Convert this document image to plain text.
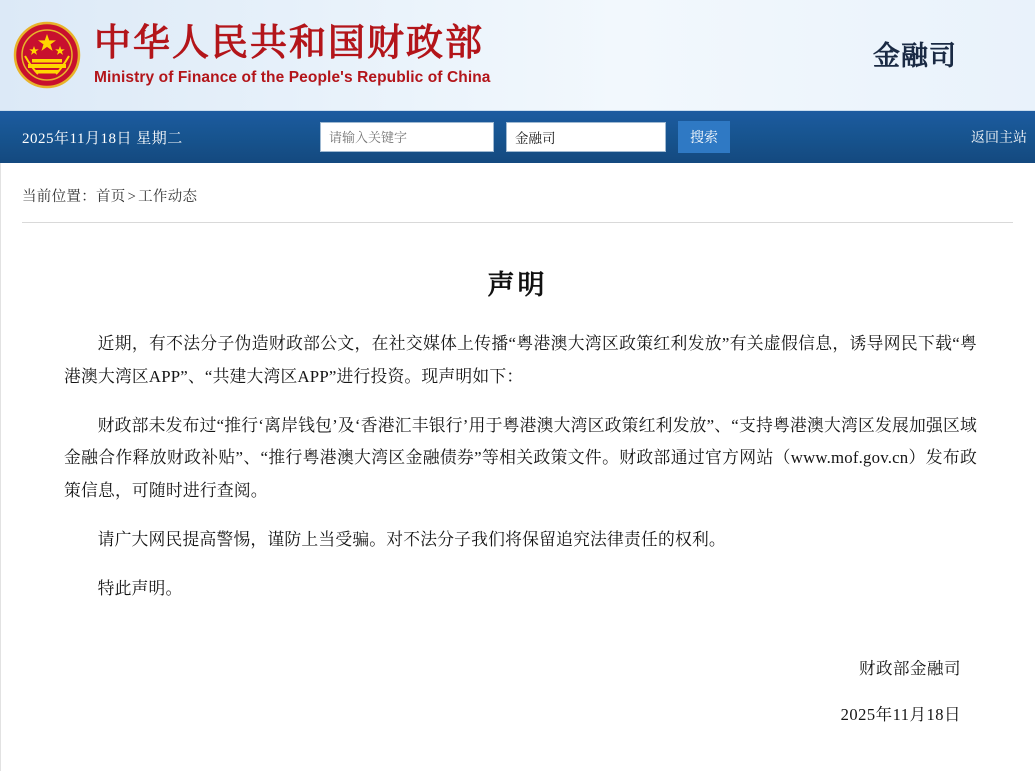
中华人民共和国财政部
Ministry of Finance of the People's Republic of China
金融司
2025年11月18日 星期二
请输入关键字	金融司	搜索	返回主站
当前位置：首页 > 工作动态
声明

近期，有不法分子伪造财政部公文，在社交媒体上传播“粤港澳大湾区政策红利发放”有关虚假信息，诱导网民下载“粤港澳大湾区APP”、“共建大湾区APP”进行投资。现声明如下：

财政部未发布过“推行‘离岸钱包’及‘香港汇丰银行’用于粤港澳大湾区政策红利发放”、“支持粤港澳大湾区发展加强区域金融合作释放财政补贴”、“推行粤港澳大湾区金融债券”等相关政策文件。财政部通过官方网站（www.mof.gov.cn）发布政策信息，可随时进行查阅。

请广大网民提高警惕，谨防上当受骗。对不法分子我们将保留追究法律责任的权利。

特此声明。

财政部金融司
2025年11月18日
